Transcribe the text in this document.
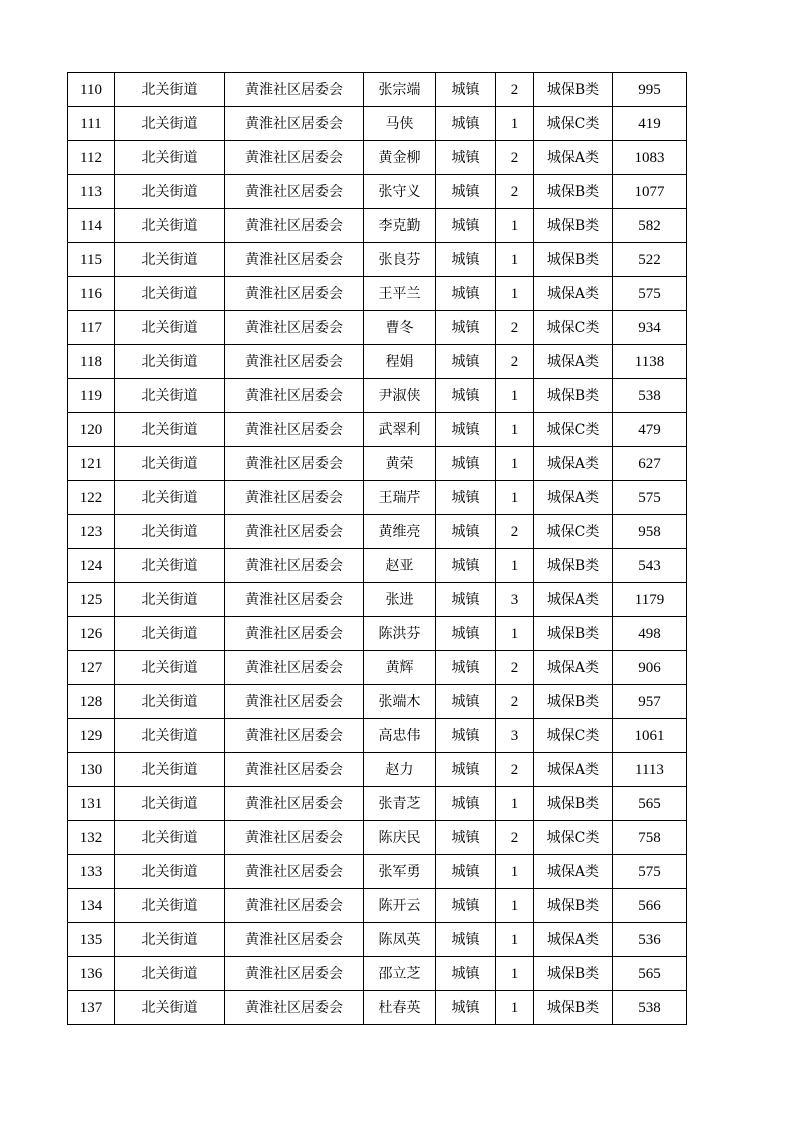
110	北关街道	黄淮社区居委会	张宗端	城镇	2	城保B类	995
111	北关街道	黄淮社区居委会	马侠	城镇	1	城保C类	419
112	北关街道	黄淮社区居委会	黄金柳	城镇	2	城保A类	1083
113	北关街道	黄淮社区居委会	张守义	城镇	2	城保B类	1077
114	北关街道	黄淮社区居委会	李克勤	城镇	1	城保B类	582
115	北关街道	黄淮社区居委会	张良芬	城镇	1	城保B类	522
116	北关街道	黄淮社区居委会	王平兰	城镇	1	城保A类	575
117	北关街道	黄淮社区居委会	曹冬	城镇	2	城保C类	934
118	北关街道	黄淮社区居委会	程娟	城镇	2	城保A类	1138
119	北关街道	黄淮社区居委会	尹淑侠	城镇	1	城保B类	538
120	北关街道	黄淮社区居委会	武翠利	城镇	1	城保C类	479
121	北关街道	黄淮社区居委会	黄荣	城镇	1	城保A类	627
122	北关街道	黄淮社区居委会	王瑞芹	城镇	1	城保A类	575
123	北关街道	黄淮社区居委会	黄维亮	城镇	2	城保C类	958
124	北关街道	黄淮社区居委会	赵亚	城镇	1	城保B类	543
125	北关街道	黄淮社区居委会	张进	城镇	3	城保A类	1179
126	北关街道	黄淮社区居委会	陈洪芬	城镇	1	城保B类	498
127	北关街道	黄淮社区居委会	黄辉	城镇	2	城保A类	906
128	北关街道	黄淮社区居委会	张端木	城镇	2	城保B类	957
129	北关街道	黄淮社区居委会	高忠伟	城镇	3	城保C类	1061
130	北关街道	黄淮社区居委会	赵力	城镇	2	城保A类	1113
131	北关街道	黄淮社区居委会	张青芝	城镇	1	城保B类	565
132	北关街道	黄淮社区居委会	陈庆民	城镇	2	城保C类	758
133	北关街道	黄淮社区居委会	张军勇	城镇	1	城保A类	575
134	北关街道	黄淮社区居委会	陈开云	城镇	1	城保B类	566
135	北关街道	黄淮社区居委会	陈凤英	城镇	1	城保A类	536
136	北关街道	黄淮社区居委会	邵立芝	城镇	1	城保B类	565
137	北关街道	黄淮社区居委会	杜春英	城镇	1	城保B类	538
